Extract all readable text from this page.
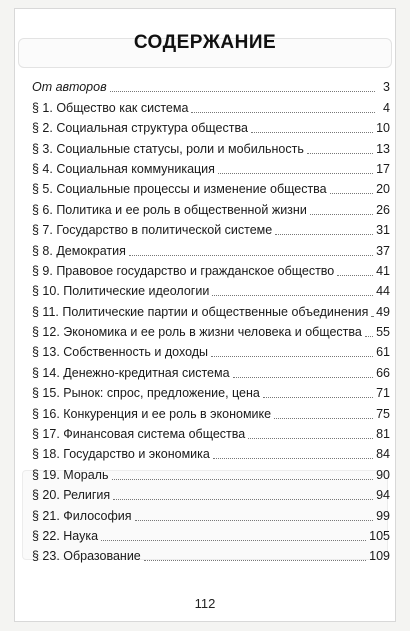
СОДЕРЖАНИЕ
От авторов	3
§ 1. Общество как система	4
§ 2. Социальная структура общества	10
§ 3. Социальные статусы, роли и мобильность	13
§ 4. Социальная коммуникация	17
§ 5. Социальные процессы и изменение общества	20
§ 6. Политика и ее роль в общественной жизни	26
§ 7. Государство в политической системе	31
§ 8. Демократия	37
§ 9. Правовое государство и гражданское общество	41
§ 10. Политические идеологии	44
§ 11. Политические партии и общественные объединения 49
§ 12. Экономика и ее роль в жизни человека и общества 55
§ 13. Собственность и доходы	61
§ 14. Денежно-кредитная система	66
§ 15. Рынок: спрос, предложение, цена	71
§ 16. Конкуренция и ее роль в экономике	75
§ 17. Финансовая система общества	81
§ 18. Государство и экономика	84
§ 19. Мораль	90
§ 20. Религия	94
§ 21. Философия	99
§ 22. Наука	105
§ 23. Образование	109
112
